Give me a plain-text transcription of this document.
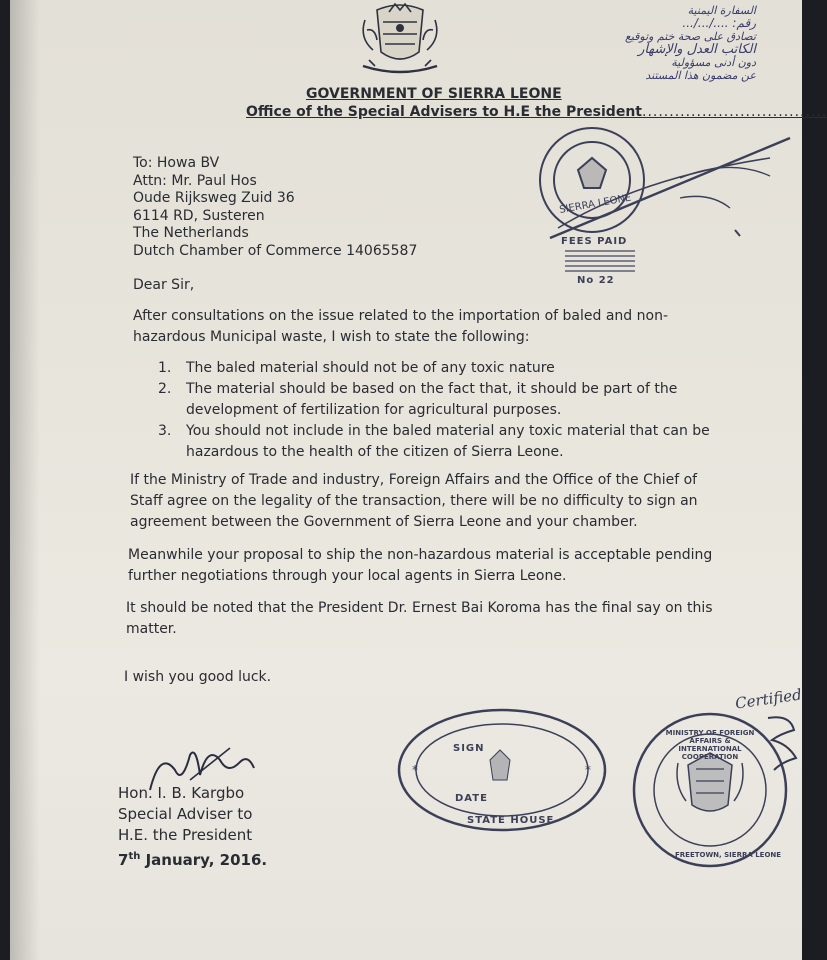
السفارة اليمنية
رقم: ..../.../...
تصادق على صحة ختم وتوقيع
الكاتب العدل والإشهار
دون أدنى مسؤولية
عن مضمون هذا المستند
GOVERNMENT OF SIERRA LEONE
Office of the Special Advisers to H.E the President..................................
SIERRA LEONE
FEES PAID
No 22
To: Howa BV
Attn: Mr. Paul Hos
Oude Rijksweg Zuid 36
6114 RD, Susteren
The Netherlands
Dutch Chamber of Commerce 14065587
Dear Sir,
After consultations on the issue related to the importation of baled and non-hazardous Municipal waste, I wish to state the following:
1.	The baled material should not be of any toxic nature
2.	The material should be based on the fact that, it should be part of the development of fertilization for agricultural purposes.
3.	You should not include in the baled material any toxic material that can be hazardous to the health of the citizen of Sierra Leone.
If the Ministry of Trade and industry, Foreign Affairs and the Office of the Chief of Staff agree on the legality of the transaction, there will be no difficulty to sign an agreement between the Government of Sierra Leone and your chamber.
Meanwhile your proposal to ship the non-hazardous material is acceptable pending further negotiations through your local agents in Sierra Leone.
It should be noted that the President Dr. Ernest Bai Koroma has the final say on this matter.
I wish you good luck.
Hon. I. B. Kargbo
Special Adviser to
H.E. the President
7th January, 2016.
*	*
SIGN
DATE
STATE HOUSE
MINISTRY OF FOREIGN AFFAIRS & INTERNATIONAL COOPERATION
FREETOWN, SIERRA LEONE
Certified
